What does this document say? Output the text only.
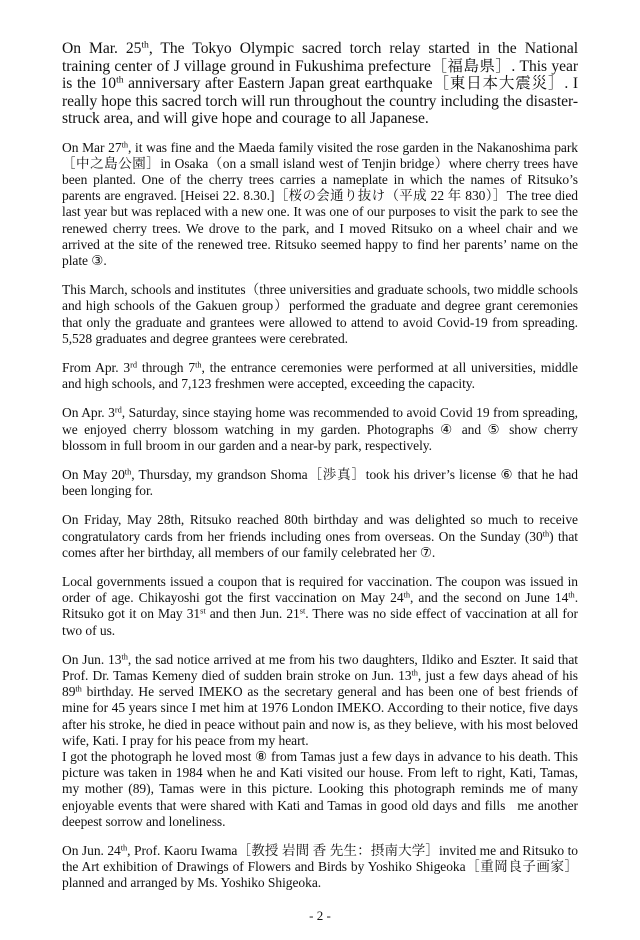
On Mar. 25th, The Tokyo Olympic sacred torch relay started in the National training center of J village ground in Fukushima prefecture［福島県］. This year is the 10th anniversary after Eastern Japan great earthquake［東日本大震災］. I really hope this sacred torch will run throughout the country including the disaster-struck area, and will give hope and courage to all Japanese.

On Mar 27th, it was fine and the Maeda family visited the rose garden in the Nakanoshima park［中之島公園］in Osaka（on a small island west of Tenjin bridge）where cherry trees have been planted. One of the cherry trees carries a nameplate in which the names of Ritsuko’s parents are engraved. [Heisei 22. 8.30.]［桜の会通り抜け（平成 22 年 830）］The tree died last year but was replaced with a new one. It was one of our purposes to visit the park to see the renewed cherry trees. We drove to the park, and I moved Ritsuko on a wheel chair and we arrived at the site of the renewed tree. Ritsuko seemed happy to find her parents’ name on the plate ③.

This March, schools and institutes（three universities and graduate schools, two middle schools and high schools of the Gakuen group）performed the graduate and degree grant ceremonies that only the graduate and grantees were allowed to attend to avoid Covid-19 from spreading. 5,528 graduates and degree grantees were cerebrated.

From Apr. 3rd through 7th, the entrance ceremonies were performed at all universities, middle and high schools, and 7,123 freshmen were accepted, exceeding the capacity.

On Apr. 3rd, Saturday, since staying home was recommended to avoid Covid 19 from spreading, we enjoyed cherry blossom watching in my garden. Photographs ④ and ⑤ show cherry blossom in full broom in our garden and a near-by park, respectively.

On May 20th, Thursday, my grandson Shoma［渉真］took his driver’s license ⑥ that he had been longing for.

On Friday, May 28th, Ritsuko reached 80th birthday and was delighted so much to receive congratulatory cards from her friends including ones from overseas. On the Sunday (30th) that comes after her birthday, all members of our family celebrated her ⑦.

Local governments issued a coupon that is required for vaccination. The coupon was issued in order of age. Chikayoshi got the first vaccination on May 24th, and the second on June 14th. Ritsuko got it on May 31st and then Jun. 21st. There was no side effect of vaccination at all for two of us.

On Jun. 13th, the sad notice arrived at me from his two daughters, Ildiko and Eszter. It said that Prof. Dr. Tamas Kemeny died of sudden brain stroke on Jun. 13th, just a few days ahead of his 89th birthday. He served IMEKO as the secretary general and has been one of best friends of mine for 45 years since I met him at 1976 London IMEKO. According to their notice, five days after his stroke, he died in peace without pain and now is, as they believe, with his most beloved wife, Kati. I pray for his peace from my heart.

I got the photograph he loved most ⑧ from Tamas just a few days in advance to his death. This picture was taken in 1984 when he and Kati visited our house. From left to right, Kati, Tamas, my mother (89), Tamas were in this picture. Looking this photograph reminds me of many enjoyable events that were shared with Kati and Tamas in good old days and fills   me another deepest sorrow and loneliness.

On Jun. 24th, Prof. Kaoru Iwama［教授 岩間 香 先生：摂南大学］invited me and Ritsuko to the Art exhibition of Drawings of Flowers and Birds by Yoshiko Shigeoka［重岡良子画家］planned and arranged by Ms. Yoshiko Shigeoka.

- 2 -
